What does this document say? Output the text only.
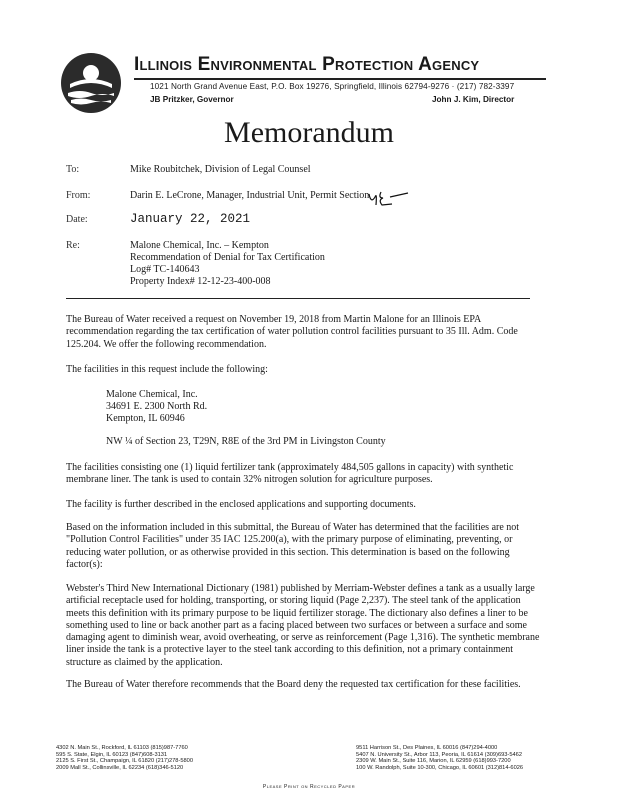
Illinois Environmental Protection Agency
1021 North Grand Avenue East, P.O. Box 19276, Springfield, Illinois 62794-9276 · (217) 782-3397
JB Pritzker, Governor	John J. Kim, Director
Memorandum
To:	Mike Roubitchek, Division of Legal Counsel
From:	Darin E. LeCrone, Manager, Industrial Unit, Permit Section
Date:	January 22, 2021
Re:	Malone Chemical, Inc. – Kempton
Recommendation of Denial for Tax Certification
Log# TC-140643
Property Index# 12-12-23-400-008
The Bureau of Water received a request on November 19, 2018 from Martin Malone for an Illinois EPA recommendation regarding the tax certification of water pollution control facilities pursuant to 35 Ill. Adm. Code 125.204. We offer the following recommendation.
The facilities in this request include the following:
Malone Chemical, Inc.
34691 E. 2300 North Rd.
Kempton, IL 60946
NW ¼ of Section 23, T29N, R8E of the 3rd PM in Livingston County
The facilities consisting one (1) liquid fertilizer tank (approximately 484,505 gallons in capacity) with synthetic membrane liner. The tank is used to contain 32% nitrogen solution for agriculture purposes.
The facility is further described in the enclosed applications and supporting documents.
Based on the information included in this submittal, the Bureau of Water has determined that the facilities are not "Pollution Control Facilities" under 35 IAC 125.200(a), with the primary purpose of eliminating, preventing, or reducing water pollution, or as otherwise provided in this section. This determination is based on the following factor(s):
Webster's Third New International Dictionary (1981) published by Merriam-Webster defines a tank as a usually large artificial receptacle used for holding, transporting, or storing liquid (Page 2,237). The steel tank of the application meets this definition with its primary purpose to be liquid fertilizer storage. The dictionary also defines a liner to be something used to line or back another part as a facing placed between two surfaces or between a surface and some damaging agent to diminish wear, avoid overheating, or serve as reinforcement (Page 1,316). The synthetic membrane liner inside the tank is a protective layer to the steel tank according to this definition, not a primary containment structure as claimed by the application.
The Bureau of Water therefore recommends that the Board deny the requested tax certification for these facilities.
4302 N. Main St., Rockford, IL 61103 (815)987-7760
595 S. State, Elgin, IL 60123 (847)608-3131
2125 S. First St., Champaign, IL 61820 (217)278-5800
2009 Mall St., Collinsville, IL 62234 (618)346-5120
9511 Harrison St., Des Plaines, IL 60016 (847)294-4000
5407 N. University St., Arbor 113, Peoria, IL 61614 (309)693-5462
2309 W. Main St., Suite 116, Marion, IL 62959 (618)993-7200
100 W. Randolph, Suite 10-300, Chicago, IL 60601 (312)814-6026
Please Print on Recycled Paper
